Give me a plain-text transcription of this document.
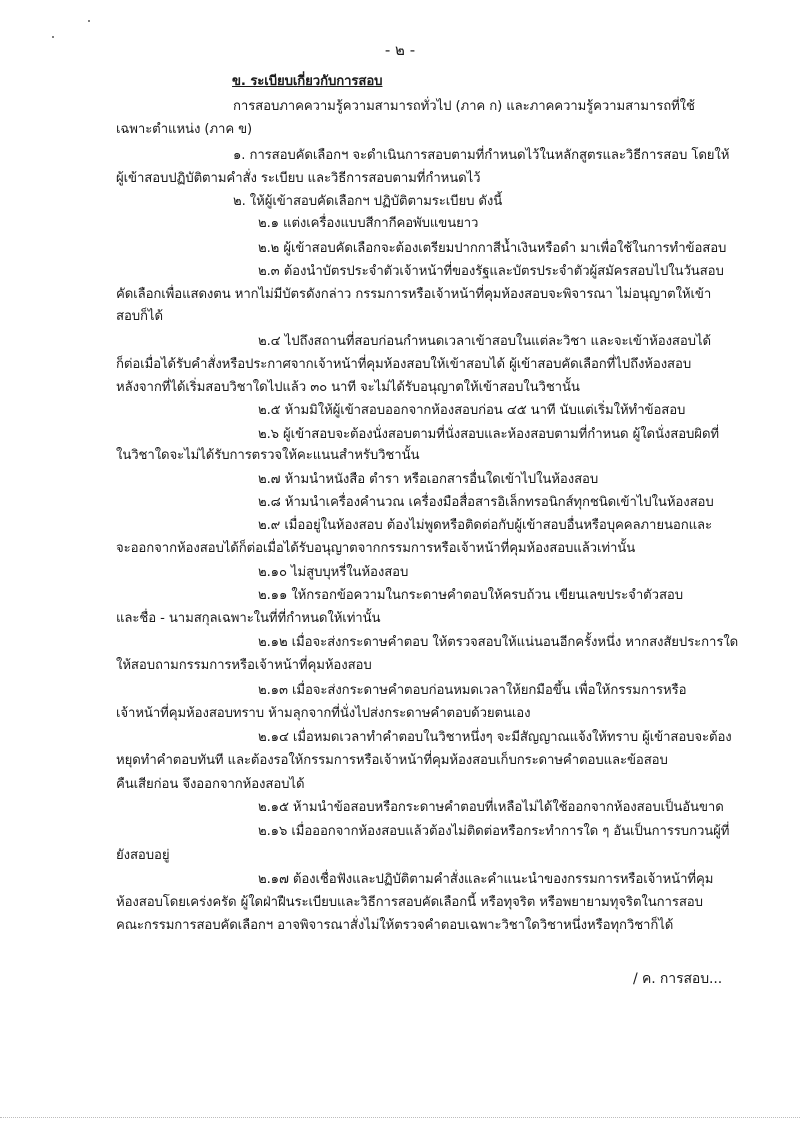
- ๒ -
ข. ระเบียบเกี่ยวกับการสอบ
การสอบภาคความรู้ความสามารถทั่วไป (ภาค ก) และภาคความรู้ความสามารถที่ใช้
เฉพาะตำแหน่ง (ภาค ข)
๑. การสอบคัดเลือกฯ จะดำเนินการสอบตามที่กำหนดไว้ในหลักสูตรและวิธีการสอบ โดยให้
ผู้เข้าสอบปฏิบัติตามคำสั่ง ระเบียบ และวิธีการสอบตามที่กำหนดไว้
๒. ให้ผู้เข้าสอบคัดเลือกฯ ปฏิบัติตามระเบียบ ดังนี้
๒.๑ แต่งเครื่องแบบสีกากีคอพับแขนยาว
๒.๒ ผู้เข้าสอบคัดเลือกจะต้องเตรียมปากกาสีน้ำเงินหรือดำ มาเพื่อใช้ในการทำข้อสอบ
๒.๓ ต้องนำบัตรประจำตัวเจ้าหน้าที่ของรัฐและบัตรประจำตัวผู้สมัครสอบไปในวันสอบ
คัดเลือกเพื่อแสดงตน หากไม่มีบัตรดังกล่าว กรรมการหรือเจ้าหน้าที่คุมห้องสอบจะพิจารณา ไม่อนุญาตให้เข้า
สอบก็ได้
๒.๔ ไปถึงสถานที่สอบก่อนกำหนดเวลาเข้าสอบในแต่ละวิชา และจะเข้าห้องสอบได้
ก็ต่อเมื่อได้รับคำสั่งหรือประกาศจากเจ้าหน้าที่คุมห้องสอบให้เข้าสอบได้ ผู้เข้าสอบคัดเลือกที่ไปถึงห้องสอบ
หลังจากที่ได้เริ่มสอบวิชาใดไปแล้ว ๓๐ นาที จะไม่ได้รับอนุญาตให้เข้าสอบในวิชานั้น
๒.๕ ห้ามมิให้ผู้เข้าสอบออกจากห้องสอบก่อน ๔๕ นาที นับแต่เริ่มให้ทำข้อสอบ
๒.๖ ผู้เข้าสอบจะต้องนั่งสอบตามที่นั่งสอบและห้องสอบตามที่กำหนด ผู้ใดนั่งสอบผิดที่
ในวิชาใดจะไม่ได้รับการตรวจให้คะแนนสำหรับวิชานั้น
๒.๗ ห้ามนำหนังสือ ตำรา หรือเอกสารอื่นใดเข้าไปในห้องสอบ
๒.๘ ห้ามนำเครื่องคำนวณ เครื่องมือสื่อสารอิเล็กทรอนิกส์ทุกชนิดเข้าไปในห้องสอบ
๒.๙ เมื่ออยู่ในห้องสอบ ต้องไม่พูดหรือติดต่อกับผู้เข้าสอบอื่นหรือบุคคลภายนอกและ
จะออกจากห้องสอบได้ก็ต่อเมื่อได้รับอนุญาตจากกรรมการหรือเจ้าหน้าที่คุมห้องสอบแล้วเท่านั้น
๒.๑๐ ไม่สูบบุหรี่ในห้องสอบ
๒.๑๑ ให้กรอกข้อความในกระดาษคำตอบให้ครบถ้วน เขียนเลขประจำตัวสอบ
และชื่อ - นามสกุลเฉพาะในที่ที่กำหนดให้เท่านั้น
๒.๑๒ เมื่อจะส่งกระดาษคำตอบ ให้ตรวจสอบให้แน่นอนอีกครั้งหนึ่ง หากสงสัยประการใด
ให้สอบถามกรรมการหรือเจ้าหน้าที่คุมห้องสอบ
๒.๑๓ เมื่อจะส่งกระดาษคำตอบก่อนหมดเวลาให้ยกมือขึ้น เพื่อให้กรรมการหรือ
เจ้าหน้าที่คุมห้องสอบทราบ ห้ามลุกจากที่นั่งไปส่งกระดาษคำตอบด้วยตนเอง
๒.๑๔ เมื่อหมดเวลาทำคำตอบในวิชาหนึ่งๆ จะมีสัญญาณแจ้งให้ทราบ ผู้เข้าสอบจะต้อง
หยุดทำคำตอบทันที และต้องรอให้กรรมการหรือเจ้าหน้าที่คุมห้องสอบเก็บกระดาษคำตอบและข้อสอบ
คืนเสียก่อน จึงออกจากห้องสอบได้
๒.๑๕ ห้ามนำข้อสอบหรือกระดาษคำตอบที่เหลือไม่ได้ใช้ออกจากห้องสอบเป็นอันขาด
๒.๑๖ เมื่อออกจากห้องสอบแล้วต้องไม่ติดต่อหรือกระทำการใด ๆ อันเป็นการรบกวนผู้ที่
ยังสอบอยู่
๒.๑๗ ต้องเชื่อฟังและปฏิบัติตามคำสั่งและคำแนะนำของกรรมการหรือเจ้าหน้าที่คุม
ห้องสอบโดยเคร่งครัด ผู้ใดฝ่าฝืนระเบียบและวิธีการสอบคัดเลือกนี้ หรือทุจริต หรือพยายามทุจริตในการสอบ
คณะกรรมการสอบคัดเลือกฯ อาจพิจารณาสั่งไม่ให้ตรวจคำตอบเฉพาะวิชาใดวิชาหนึ่งหรือทุกวิชาก็ได้
/ ค. การสอบ...
